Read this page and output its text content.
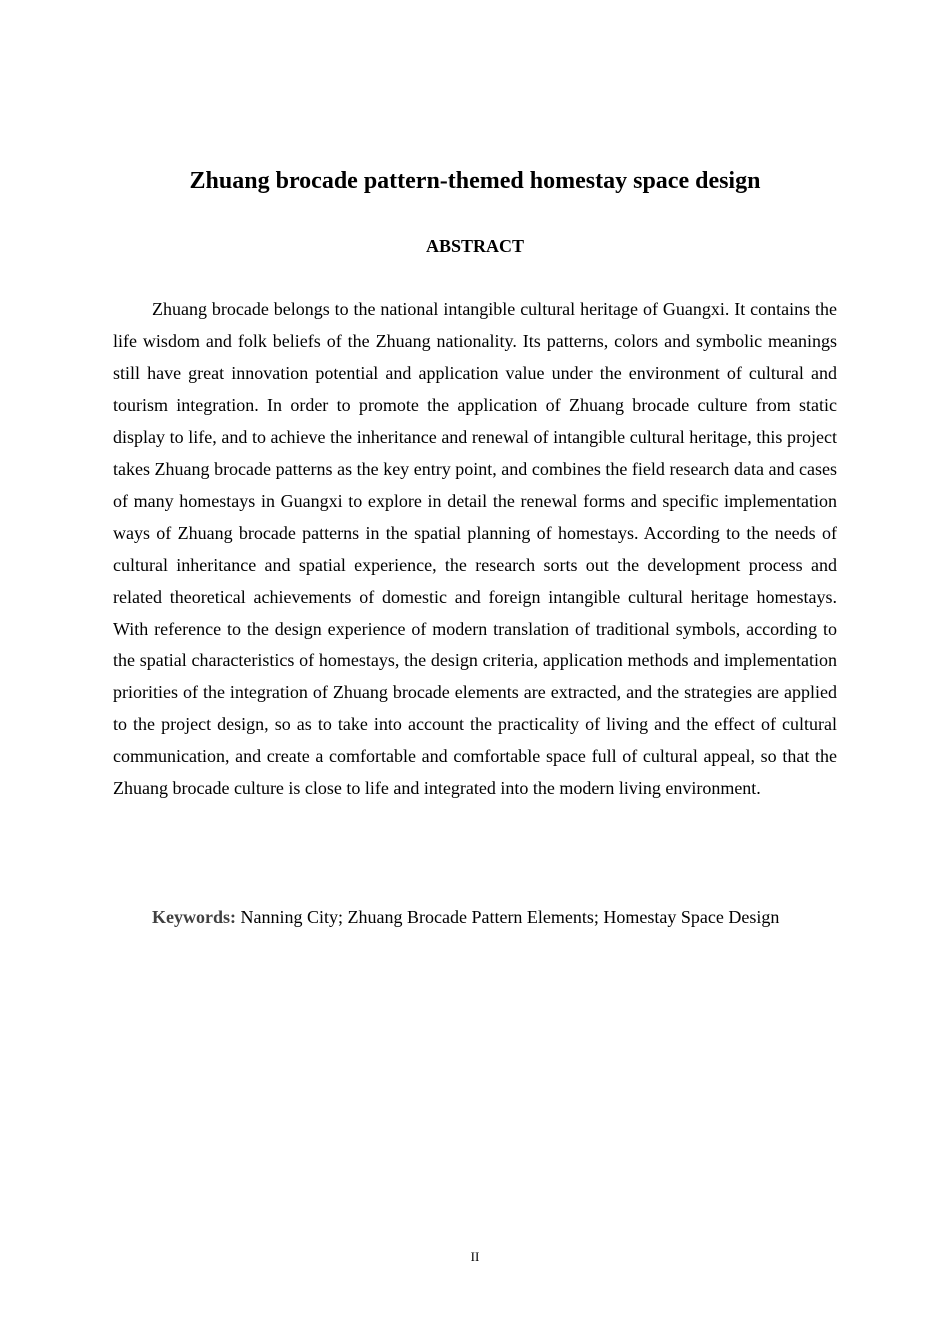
Zhuang brocade pattern-themed homestay space design
ABSTRACT

Zhuang brocade belongs to the national intangible cultural heritage of Guangxi. It contains the life wisdom and folk beliefs of the Zhuang nationality. Its patterns, colors and symbolic meanings still have great innovation potential and application value under the environment of cultural and tourism integration. In order to promote the application of Zhuang brocade culture from static display to life, and to achieve the inheritance and renewal of intangible cultural heritage, this project takes Zhuang brocade patterns as the key entry point, and combines the field research data and cases of many homestays in Guangxi to explore in detail the renewal forms and specific implementation ways of Zhuang brocade patterns in the spatial planning of homestays. According to the needs of cultural inheritance and spatial experience, the research sorts out the development process and related theoretical achievements of domestic and foreign intangible cultural heritage homestays. With reference to the design experience of modern translation of traditional symbols, according to the spatial characteristics of homestays, the design criteria, application methods and implementation priorities of the integration of Zhuang brocade elements are extracted, and the strategies are applied to the project design, so as to take into account the practicality of living and the effect of cultural communication, and create a comfortable and comfortable space full of cultural appeal, so that the Zhuang brocade culture is close to life and integrated into the modern living environment.

Keywords: Nanning City; Zhuang Brocade Pattern Elements; Homestay Space Design

II
